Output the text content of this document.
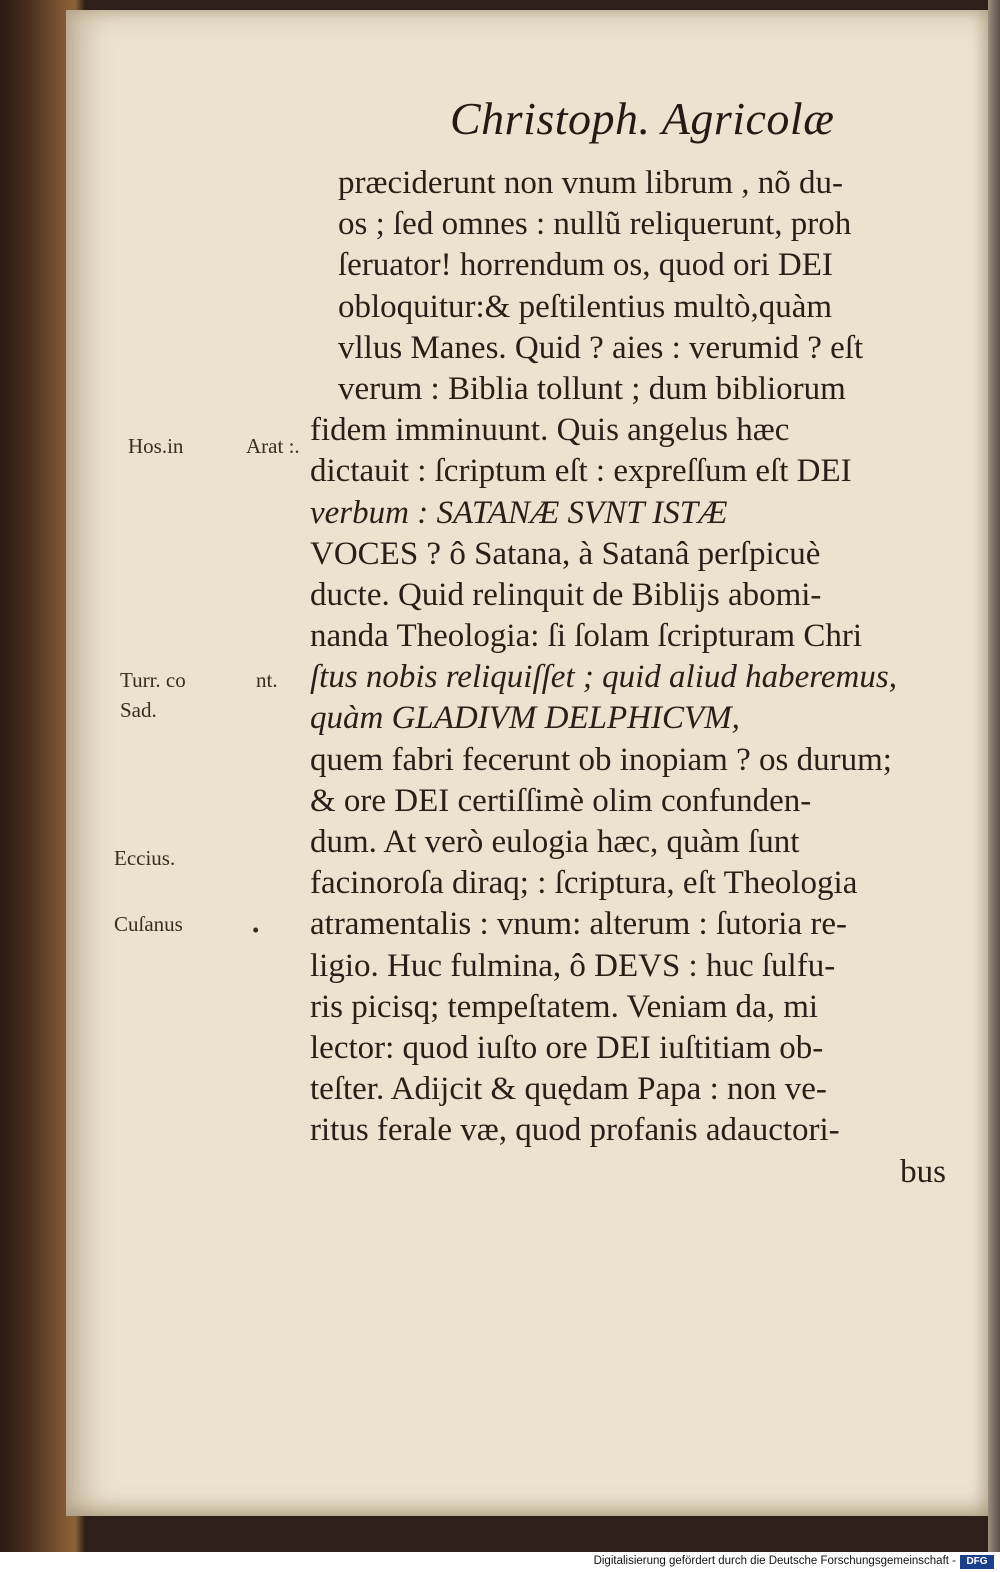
Christoph. Agricolæ
præciderunt non vnum librum , nõ du-
os ; ſed omnes : nullũ reliquerunt, proh
ſeruator! horrendum os, quod ori DEI
obloquitur:& peſtilentius multò,quàm
vllus Manes. Quid ? aies : verumid ? eſt
verum : Biblia tollunt ; dum bibliorum
fidem imminuunt. Quis angelus hæc
dictauit : ſcriptum eſt : expreſſum eſt DEI
verbum : SATANÆ SVNT ISTÆ
VOCES ? ô Satana, à Satanâ perſpicuè
ducte. Quid relinquit de Biblijs abomi-
nanda Theologia: ſi ſolam ſcripturam Chri
ſtus nobis reliquiſſet ; quid aliud haberemus,
quàm GLADIVM DELPHICVM,
quem fabri fecerunt ob inopiam ? os durum;
& ore DEI certiſſimè olim confunden-
dum. At verò eulogia hæc, quàm ſunt
facinoroſa diraq; : ſcriptura, eſt Theologia
atramentalis : vnum: alterum : ſutoria re-
ligio. Huc fulmina, ô DEVS : huc ſulfu-
ris picisq; tempeſtatem. Veniam da, mi
lector: quod iuſto ore DEI iuſtitiam ob-
teſter. Adijcit & quędam Papa : non ve-
ritus ferale væ, quod profanis adauctori-
bus
Hos.in	Arat :.
Turr. co	nt.
Sad.
Eccius.
Cuſanus	•
Digitalisierung gefördert durch die Deutsche Forschungsgemeinschaft -	DFG
